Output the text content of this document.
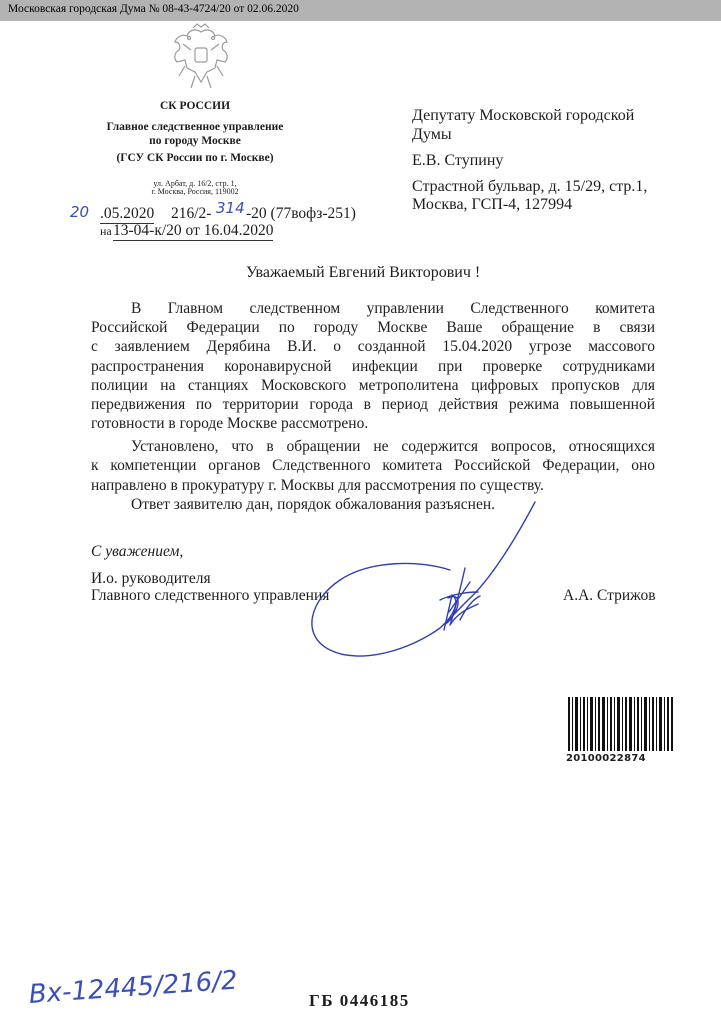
Московская городская Дума № 08-43-4724/20 от 02.06.2020
СК РОССИИ
Главное следственное управление
по городу Москве
(ГСУ СК России по г. Москве)
ул. Арбат, д. 16/2, стр. 1,
г. Москва, Россия, 119002
20 .05.2020 216/2- 314 -20 (77вофз-251)
на 13-04-к/20 от 16.04.2020
Депутату Московской городской
Думы
Е.В. Ступину
Страстной бульвар, д. 15/29, стр.1,
Москва, ГСП-4, 127994
Уважаемый Евгений Викторович !
В Главном следственном управлении Следственного комитета
Российской Федерации по городу Москве Ваше обращение в связи
с заявлением Дерябина В.И. о созданной 15.04.2020 угрозе массового
распространения коронавирусной инфекции при проверке сотрудниками
полиции на станциях Московского метрополитена цифровых пропусков для
передвижения по территории города в период действия режима повышенной
готовности в городе Москве рассмотрено.
Установлено, что в обращении не содержится вопросов, относящихся
к компетенции органов Следственного комитета Российской Федерации, оно
направлено в прокуратуру г. Москвы для рассмотрения по существу.
Ответ заявителю дан, порядок обжалования разъяснен.
С уважением,
И.о. руководителя
Главного следственного управления	А.А. Стрижов
20100022874
Вх-12445/216/2	ГБ 0446185
